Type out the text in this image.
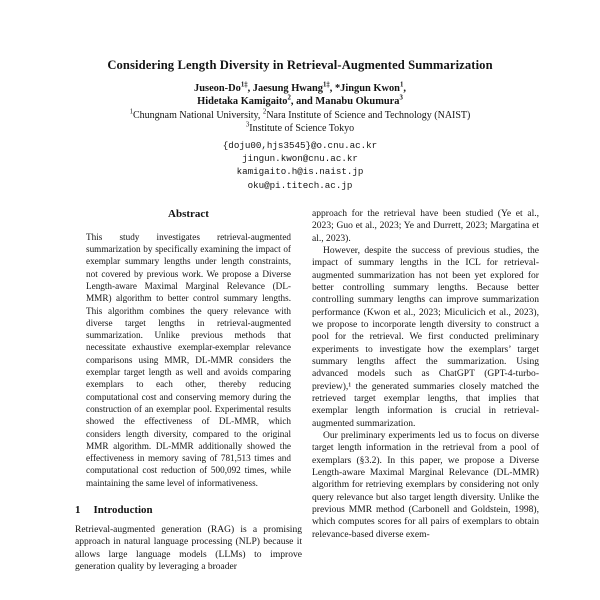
Considering Length Diversity in Retrieval-Augmented Summarization
Juseon-$Do^{1\ddagger}$, Jaesung Hwang$^{1\ddagger}$, *Jingun Kwon$^1$,
Hidetaka Kamigaito$^2$, and Manabu Okumura$^3$
$^1$Chungnam National University, $^2$Nara Institute of Science and Technology (NAIST)
$^3$Institute of Science Tokyo
{doju00,hjs3545}@o.cnu.ac.kr
jingun.kwon@cnu.ac.kr
kamigaito.h@is.naist.jp
oku@pi.titech.ac.jp
Abstract

This study investigates retrieval-augmented summarization by specifically examining the impact of exemplar summary lengths under length constraints, not covered by previous work. We propose a Diverse Length-aware Maximal Marginal Relevance (DL-MMR) algorithm to better control summary lengths. This algorithm combines the query relevance with diverse target lengths in retrieval-augmented summarization. Unlike previous methods that necessitate exhaustive exemplar-exemplar relevance comparisons using MMR, DL-MMR considers the exemplar target length as well and avoids comparing exemplars to each other, thereby reducing computational cost and conserving memory during the construction of an exemplar pool. Experimental results showed the effectiveness of DL-MMR, which considers length diversity, compared to the original MMR algorithm. DL-MMR additionally showed the effectiveness in memory saving of 781,513 times and computational cost reduction of 500,092 times, while maintaining the same level of informativeness.

1 Introduction

Retrieval-augmented generation (RAG) is a promising approach in natural language processing (NLP) because it allows large language models (LLMs) to improve generation quality by leveraging a broader

approach for the retrieval have been studied (Ye et al., 2023; Guo et al., 2023; Ye and Durrett, 2023; Margatina et al., 2023).

However, despite the success of previous studies, the impact of summary lengths in the ICL for retrieval-augmented summarization has not been yet explored for better controlling summary lengths. Because better controlling summary lengths can improve summarization performance (Kwon et al., 2023; Miculicich et al., 2023), we propose to incorporate length diversity to construct a pool for the retrieval. We first conducted preliminary experiments to investigate how the exemplars’ target summary lengths affect the summarization. Using advanced models such as ChatGPT (GPT-4-turbo-preview),¹ the generated summaries closely matched the retrieved target exemplar lengths, that implies that exemplar length information is crucial in retrieval-augmented summarization.

Our preliminary experiments led us to focus on diverse target length information in the retrieval from a pool of exemplars (§3.2). In this paper, we propose a Diverse Length-aware Maximal Marginal Relevance (DL-MMR) algorithm for retrieving exemplars by considering not only query relevance but also target length diversity. Unlike the previous MMR method (Carbonell and Goldstein, 1998), which computes scores for all pairs of exemplars to obtain relevance-based diverse exem-
